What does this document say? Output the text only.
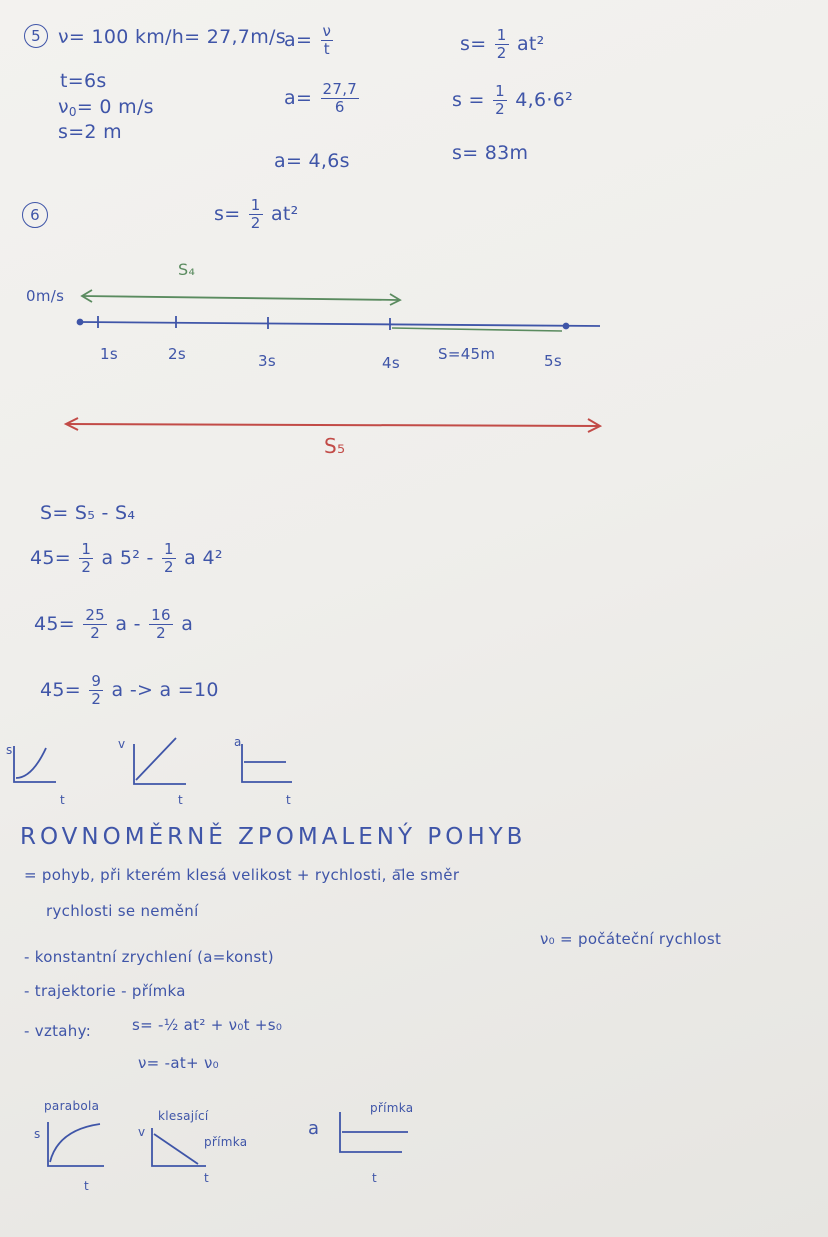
5 ν= 100 km/h= 27,7m/s
t=6s
$\nu_0= 0$ m/s
s=2 m
$a= \frac{\nu}{t}$
$a= \frac{27,7}{6}$
a= 4,6s
$s= \frac{1}{2} at^2$
$s = \frac{1}{2} 4,6\cdot 6^2$
s= 83m
6	$s= \frac{1}{2} at^2$
S₄
0m/s
1s	2s	3s	4s	S=45m	5s
S₅
S= S₅ - S₄
$45= \frac{1}{2}$ a $5^2 - \frac{1}{2}$ a 4²
$45= \frac{25}{2}$ a - $\frac{16}{2}$ a
$45= \frac{9}{2}$ a -> a =10
s
t
v
t
a
t
ROVNOMĚRNĚ ZPOMALENÝ POHYB
= pohyb, při kterém klesá velikost + rychlosti, ale směr
rychlosti se nemění
- konstantní zrychlení (a=konst)
ν₀ = počáteční rychlost
- trajektorie - přímka
- vztahy:	s= -½ at² + ν₀t +s₀
ν= -at+ ν₀
parabola
s
t
klesající
přímka
v
t
a
přímka
t
